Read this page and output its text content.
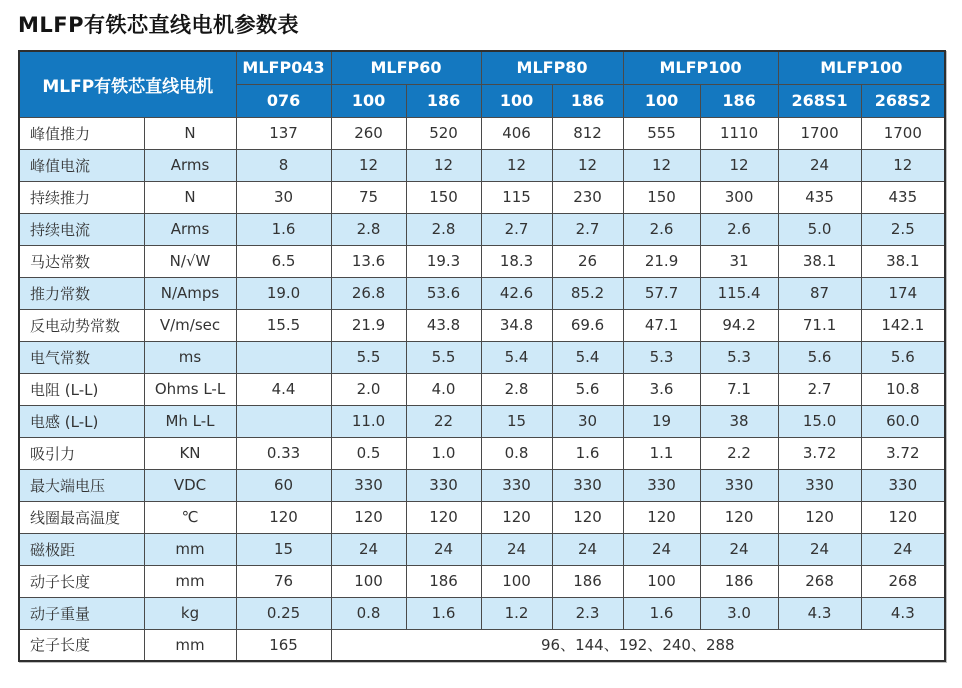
MLFP有铁芯直线电机参数表
MLFP有铁芯直线电机		MLFP043	MLFP60		MLFP80		MLFP100		MLFP100	
		076	100	186	100	186	100	186	268S1	268S2
峰值推力	N	137	260	520	406	812	555	1110	1700	1700
峰值电流	Arms	8	12	12	12	12	12	12	24	12
持续推力	N	30	75	150	115	230	150	300	435	435
持续电流	Arms	1.6	2.8	2.8	2.7	2.7	2.6	2.6	5.0	2.5
马达常数	N/√W	6.5	13.6	19.3	18.3	26	21.9	31	38.1	38.1
推力常数	N/Amps	19.0	26.8	53.6	42.6	85.2	57.7	115.4	87	174
反电动势常数	V/m/sec	15.5	21.9	43.8	34.8	69.6	47.1	94.2	71.1	142.1
电气常数	ms		5.5	5.5	5.4	5.4	5.3	5.3	5.6	5.6
电阻 (L-L)	Ohms L-L	4.4	2.0	4.0	2.8	5.6	3.6	7.1	2.7	10.8
电感 (L-L)	Mh L-L		11.0	22	15	30	19	38	15.0	60.0
吸引力	KN	0.33	0.5	1.0	0.8	1.6	1.1	2.2	3.72	3.72
最大端电压	VDC	60	330	330	330	330	330	330	330	330
线圈最高温度	℃	120	120	120	120	120	120	120	120	120
磁极距	mm	15	24	24	24	24	24	24	24	24
动子长度	mm	76	100	186	100	186	100	186	268	268
动子重量	kg	0.25	0.8	1.6	1.2	2.3	1.6	3.0	4.3	4.3
定子长度	mm	165	96、144、192、240、288							
